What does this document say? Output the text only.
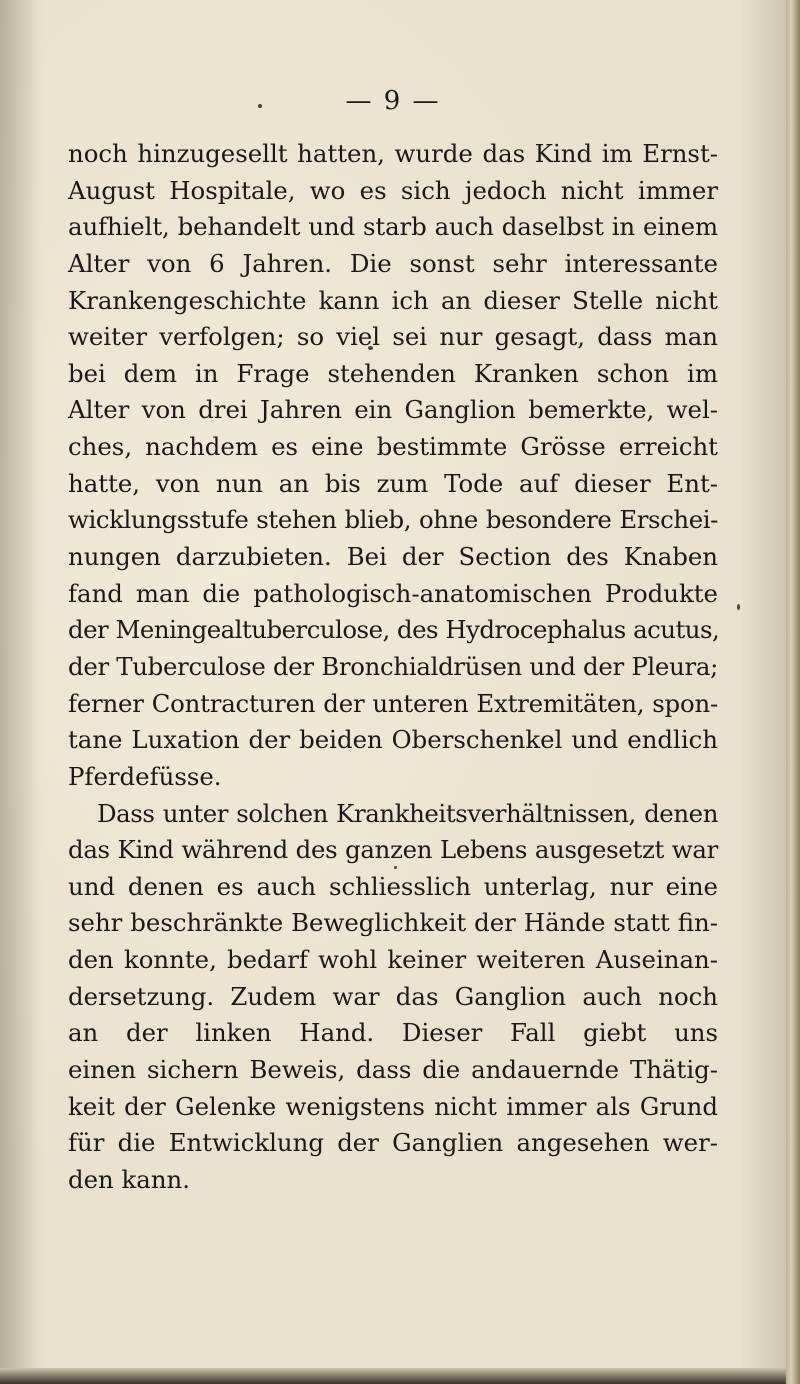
— 9 —
noch hinzugesellt hatten, wurde das Kind im Ernst-
August Hospitale, wo es sich jedoch nicht immer
aufhielt, behandelt und starb auch daselbst in einem
Alter von 6 Jahren. Die sonst sehr interessante
Krankengeschichte kann ich an dieser Stelle nicht
weiter verfolgen; so viel sei nur gesagt, dass man
bei dem in Frage stehenden Kranken schon im
Alter von drei Jahren ein Ganglion bemerkte, wel-
ches, nachdem es eine bestimmte Grösse erreicht
hatte, von nun an bis zum Tode auf dieser Ent-
wicklungsstufe stehen blieb, ohne besondere Erschei-
nungen darzubieten. Bei der Section des Knaben
fand man die pathologisch-anatomischen Produkte
der Meningealtuberculose, des Hydrocephalus acutus,
der Tuberculose der Bronchialdrüsen und der Pleura;
ferner Contracturen der unteren Extremitäten, spon-
tane Luxation der beiden Oberschenkel und endlich
Pferdefüsse.
Dass unter solchen Krankheitsverhältnissen, denen
das Kind während des ganzen Lebens ausgesetzt war
und denen es auch schliesslich unterlag, nur eine
sehr beschränkte Beweglichkeit der Hände statt fin-
den konnte, bedarf wohl keiner weiteren Auseinan-
dersetzung. Zudem war das Ganglion auch noch
an der linken Hand. Dieser Fall giebt uns
einen sichern Beweis, dass die andauernde Thätig-
keit der Gelenke wenigstens nicht immer als Grund
für die Entwicklung der Ganglien angesehen wer-
den kann.
